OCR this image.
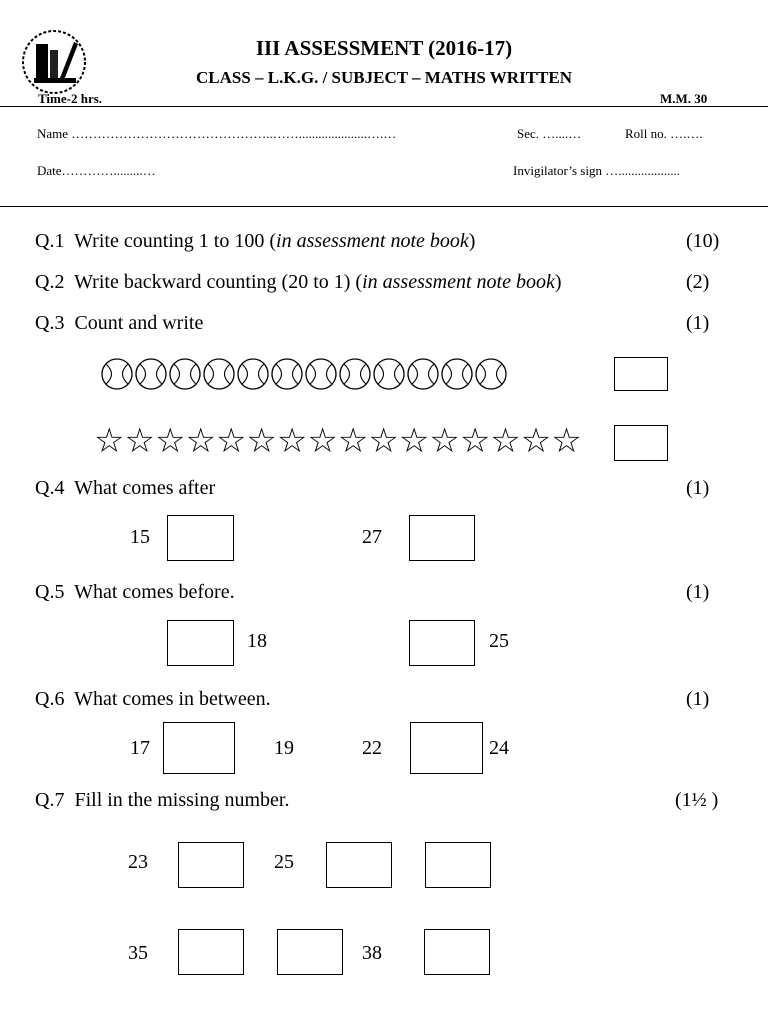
III ASSESSMENT (2016-17)
CLASS – L.K.G. / SUBJECT – MATHS WRITTEN
Time-2 hrs.	M.M. 30
Name ………………………………………..…….....................….…	Sec. …....…	Roll no. ….….
Date………….........…	Invigilator’s sign …...................
Q.1 Write counting 1 to 100 (in assessment note book)	(10)
Q.2 Write backward counting (20 to 1) (in assessment note book)	(2)
Q.3 Count and write	(1)
☆ ☆ ☆ ☆ ☆ ☆ ☆ ☆ ☆ ☆ ☆ ☆ ☆ ☆ ☆ ☆
Q.4 What comes after	(1)
15	27
Q.5 What comes before.	(1)
18	25
Q.6 What comes in between.	(1)
17	19	22	24
Q.7 Fill in the missing number.	(1½ )
23	25
35	38
